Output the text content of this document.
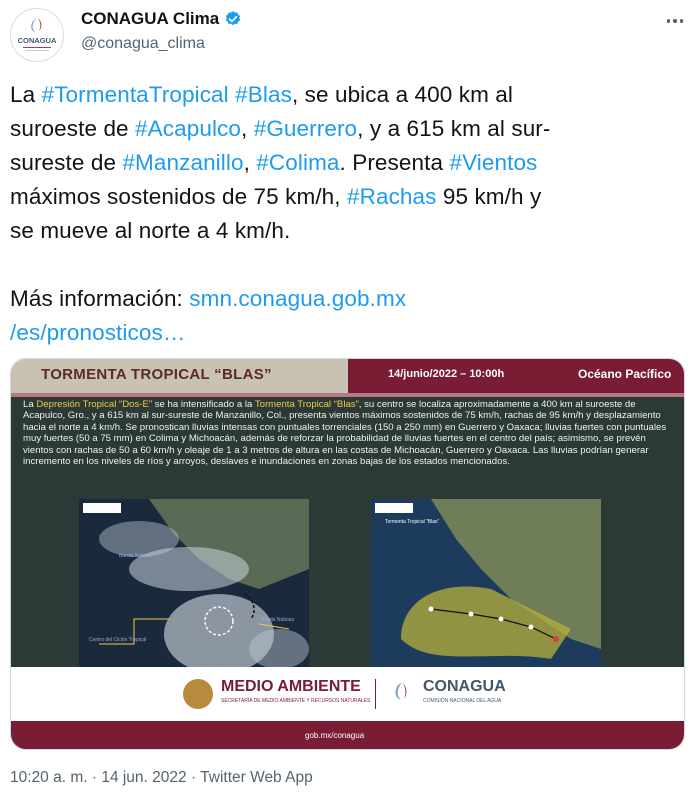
CONAGUA
CONAGUA Clima
@conagua_clima

La #TormentaTropical #Blas, se ubica a 400 km al

suroeste de #Acapulco, #Guerrero, y a 615 km al sur-

sureste de #Manzanillo, #Colima. Presenta #Vientos

máximos sostenidos de 75 km/h, #Rachas 95 km/h y

se mueve al norte a 4 km/h.

Más información: smn.conagua.gob.mx

/es/pronosticos…

TORMENTA TROPICAL “BLAS”	14/junio/2022 – 10:00h	Océano Pacífico
La Depresión Tropical “Dos-E” se ha intensificado a la Tormenta Tropical “Blas”, su centro se localiza aproximadamente a 400 km al suroeste de Acapulco, Gro., y a 615 km al sur-sureste de Manzanillo, Col., presenta vientos máximos sostenidos de 75 km/h, rachas de 95 km/h y desplazamiento hacia el norte a 4 km/h. Se pronostican lluvias intensas con puntuales torrenciales (150 a 250 mm) en Guerrero y Oaxaca; lluvias fuertes con puntuales muy fuertes (50 a 75 mm) en Colima y Michoacán, además de reforzar la probabilidad de lluvias fuertes en el centro del país; asimismo, se prevén vientos con rachas de 50 a 60 km/h y oleaje de 1 a 3 metros de altura en las costas de Michoacán, Guerrero y Oaxaca. Las lluvias podrían generar incremento en los niveles de ríos y arroyos, deslaves e inundaciones en zonas bajas de los estados mencionados.
Banda Nubosa
Centro del Ciclón Tropical
Banda Nubosa
Tormenta Tropical “Blas”
MEDIO AMBIENTE
SECRETARÍA DE MEDIO AMBIENTE Y RECURSOS NATURALES
CONAGUA
COMISIÓN NACIONAL DEL AGUA
gob.mx/conagua
10:20 a. m. · 14 jun. 2022 · Twitter Web App
